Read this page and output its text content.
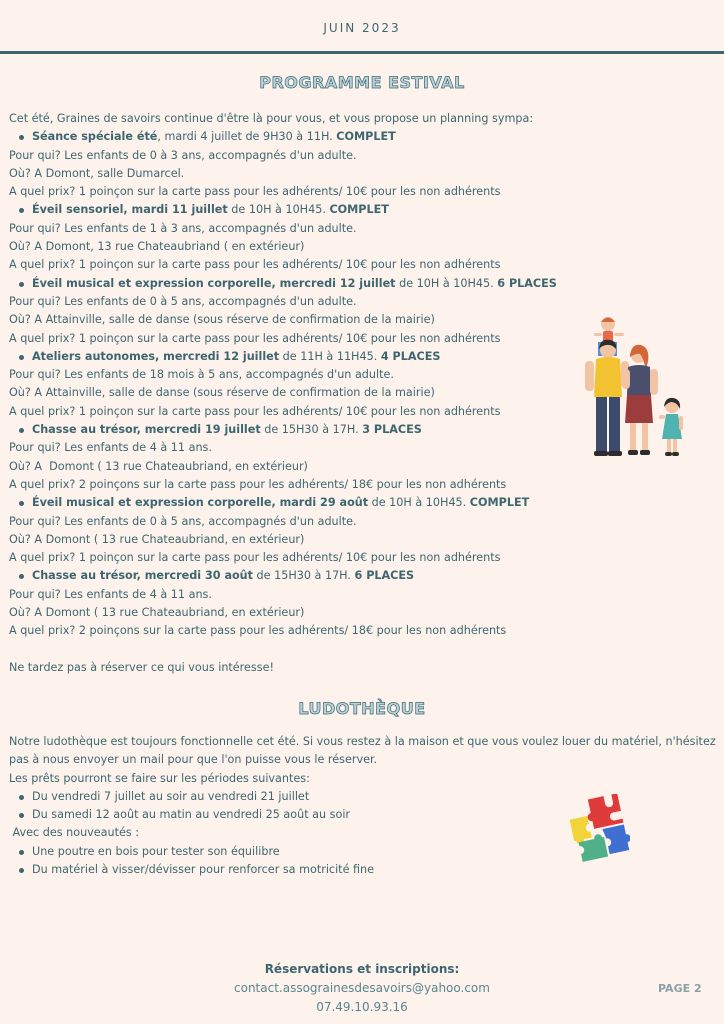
JUIN 2023
PROGRAMME ESTIVAL
Cet été, Graines de savoirs continue d'être là pour vous, et vous propose un planning sympa:
Séance spéciale été, mardi 4 juillet de 9H30 à 11H. COMPLET
Pour qui? Les enfants de 0 à 3 ans, accompagnés d'un adulte.
Où? A Domont, salle Dumarcel.
A quel prix? 1 poinçon sur la carte pass pour les adhérents/ 10€ pour les non adhérents
Éveil sensoriel, mardi 11 juillet de 10H à 10H45. COMPLET
Pour qui? Les enfants de 1 à 3 ans, accompagnés d'un adulte.
Où? A Domont, 13 rue Chateaubriand ( en extérieur)
A quel prix? 1 poinçon sur la carte pass pour les adhérents/ 10€ pour les non adhérents
Éveil musical et expression corporelle, mercredi 12 juillet de 10H à 10H45. 6 PLACES
Pour qui? Les enfants de 0 à 5 ans, accompagnés d'un adulte.
Où? A Attainville, salle de danse (sous réserve de confirmation de la mairie)
A quel prix? 1 poinçon sur la carte pass pour les adhérents/ 10€ pour les non adhérents
Ateliers autonomes, mercredi 12 juillet de 11H à 11H45. 4 PLACES
Pour qui? Les enfants de 18 mois à 5 ans, accompagnés d'un adulte.
Où? A Attainville, salle de danse (sous réserve de confirmation de la mairie)
A quel prix? 1 poinçon sur la carte pass pour les adhérents/ 10€ pour les non adhérents
Chasse au trésor, mercredi 19 juillet de 15H30 à 17H. 3 PLACES
Pour qui? Les enfants de 4 à 11 ans.
Où? A  Domont ( 13 rue Chateaubriand, en extérieur)
A quel prix? 2 poinçons sur la carte pass pour les adhérents/ 18€ pour les non adhérents
Éveil musical et expression corporelle, mardi 29 août de 10H à 10H45. COMPLET
Pour qui? Les enfants de 0 à 5 ans, accompagnés d'un adulte.
Où? A Domont ( 13 rue Chateaubriand, en extérieur)
A quel prix? 1 poinçon sur la carte pass pour les adhérents/ 10€ pour les non adhérents
Chasse au trésor, mercredi 30 août de 15H30 à 17H. 6 PLACES
Pour qui? Les enfants de 4 à 11 ans.
Où? A Domont ( 13 rue Chateaubriand, en extérieur)
A quel prix? 2 poinçons sur la carte pass pour les adhérents/ 18€ pour les non adhérents
Ne tardez pas à réserver ce qui vous intéresse!
LUDOTHÈQUE
Notre ludothèque est toujours fonctionnelle cet été. Si vous restez à la maison et que vous voulez louer du matériel, n'hésitez pas à nous envoyer un mail pour que l'on puisse vous le réserver.
Les prêts pourront se faire sur les périodes suivantes:
Du vendredi 7 juillet au soir au vendredi 21 juillet
Du samedi 12 août au matin au vendredi 25 août au soir
Avec des nouveautés :
Une poutre en bois pour tester son équilibre
Du matériel à visser/dévisser pour renforcer sa motricité fine
Réservations et inscriptions:
contact.assograinesdesavoirs@yahoo.com
07.49.10.93.16
PAGE 2
